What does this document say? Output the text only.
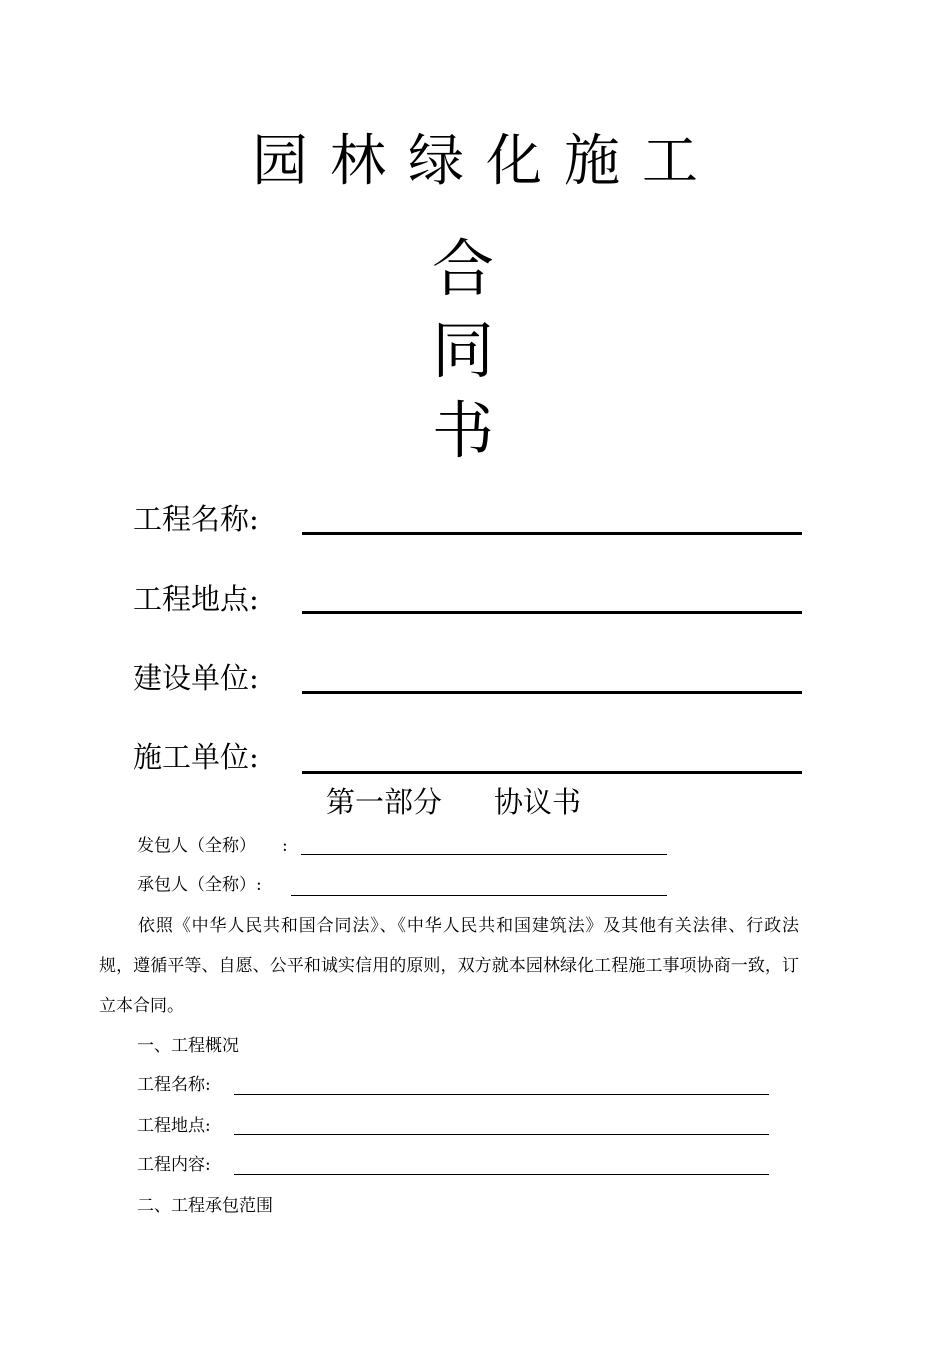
园林绿化施工
合
同
书
工程名称:
工程地点:
建设单位:
施工单位:
第一部分 协议书
发包人（全称） :
承包人（全称）:
依照《中华人民共和国合同法》、《中华人民共和国建筑法》及其他有关法律、行政法规，遵循平等、自愿、公平和诚实信用的原则，双方就本园林绿化工程施工事项协商一致，订立本合同。
一、工程概况
工程名称:
工程地点:
工程内容:
二、工程承包范围
